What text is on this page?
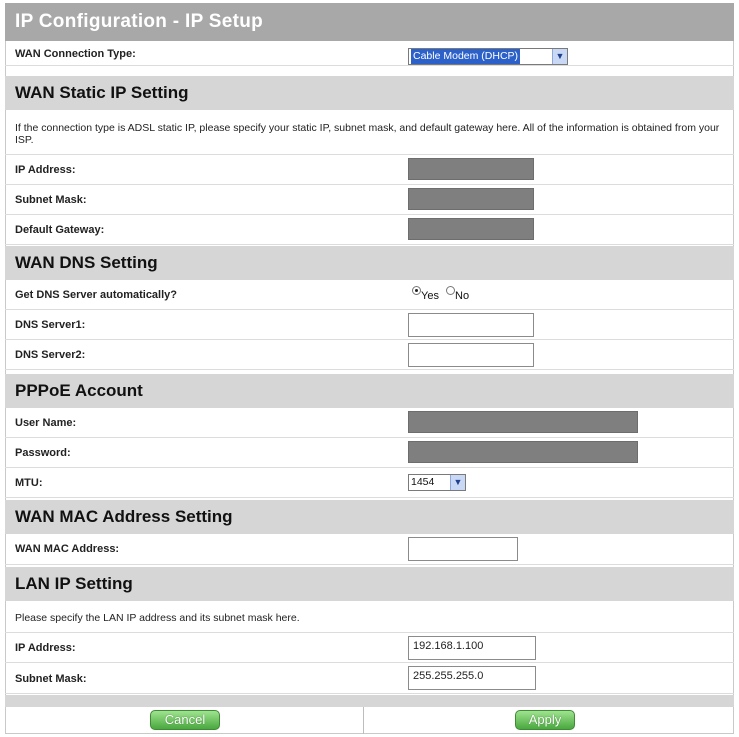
IP Configuration - IP Setup
WAN Connection Type:	Cable Modem (DHCP)	▼
WAN Static IP Setting
If the connection type is ADSL static IP, please specify your static IP, subnet mask, and default gateway here. All of the information is obtained from your ISP.
IP Address:
Subnet Mask:
Default Gateway:
WAN DNS Setting
Get DNS Server automatically?	Yes No
DNS Server1:
DNS Server2:
PPPoE Account
User Name:
Password:
MTU:	1454	▼
WAN MAC Address Setting
WAN MAC Address:
LAN IP Setting
Please specify the LAN IP address and its subnet mask here.
IP Address:	192.168.1.100
Subnet Mask:	255.255.255.0
Cancel	Apply
